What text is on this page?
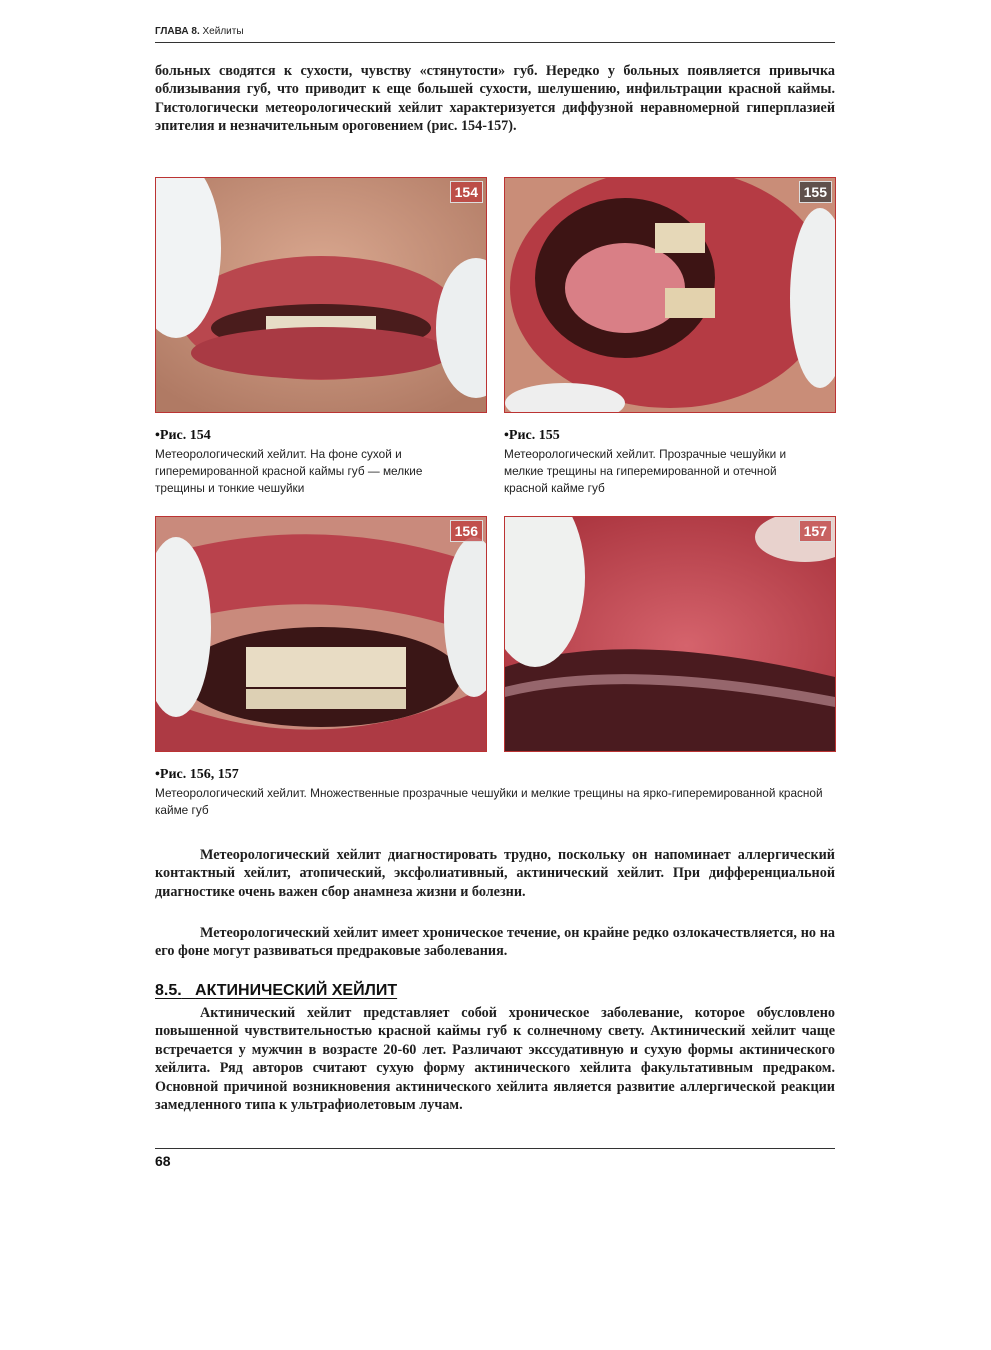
ГЛАВА 8. Хейлиты

больных сводятся к сухости, чувству «стянутости» губ. Нередко у больных появляется привычка облизывания губ, что приводит к еще большей сухости, шелушению, инфильтрации красной каймы. Гистологически метеорологический хейлит характеризуется диффузной неравномерной гиперплазией эпителия и незначительным ороговением (рис. 154-157).

154	155
•Рис. 154
Метеорологический хейлит. На фоне сухой и гиперемированной красной каймы губ — мелкие трещины и тонкие чешуйки
•Рис. 155
Метеорологический хейлит. Прозрачные чешуйки и мелкие трещины на гиперемированной и отечной красной кайме губ
156	157
•Рис. 156, 157
Метеорологический хейлит. Множественные прозрачные чешуйки и мелкие трещины на ярко-гиперемированной красной кайме губ

Метеорологический хейлит диагностировать трудно, поскольку он напоминает аллергический контактный хейлит, атопический, эксфолиативный, актинический хейлит. При дифференциальной диагностике очень важен сбор анамнеза жизни и болезни.

Метеорологический хейлит имеет хроническое течение, он крайне редко озлокачествляется, но на его фоне могут развиваться предраковые заболевания.

8.5. АКТИНИЧЕСКИЙ ХЕЙЛИТ

Актинический хейлит представляет собой хроническое заболевание, которое обусловлено повышенной чувствительностью красной каймы губ к солнечному свету. Актинический хейлит чаще встречается у мужчин в возрасте 20-60 лет. Различают экссудативную и сухую формы актинического хейлита. Ряд авторов считают сухую форму актинического хейлита факультативным предраком. Основной причиной возникновения актинического хейлита является развитие аллергической реакции замедленного типа к ультрафиолетовым лучам.

68
